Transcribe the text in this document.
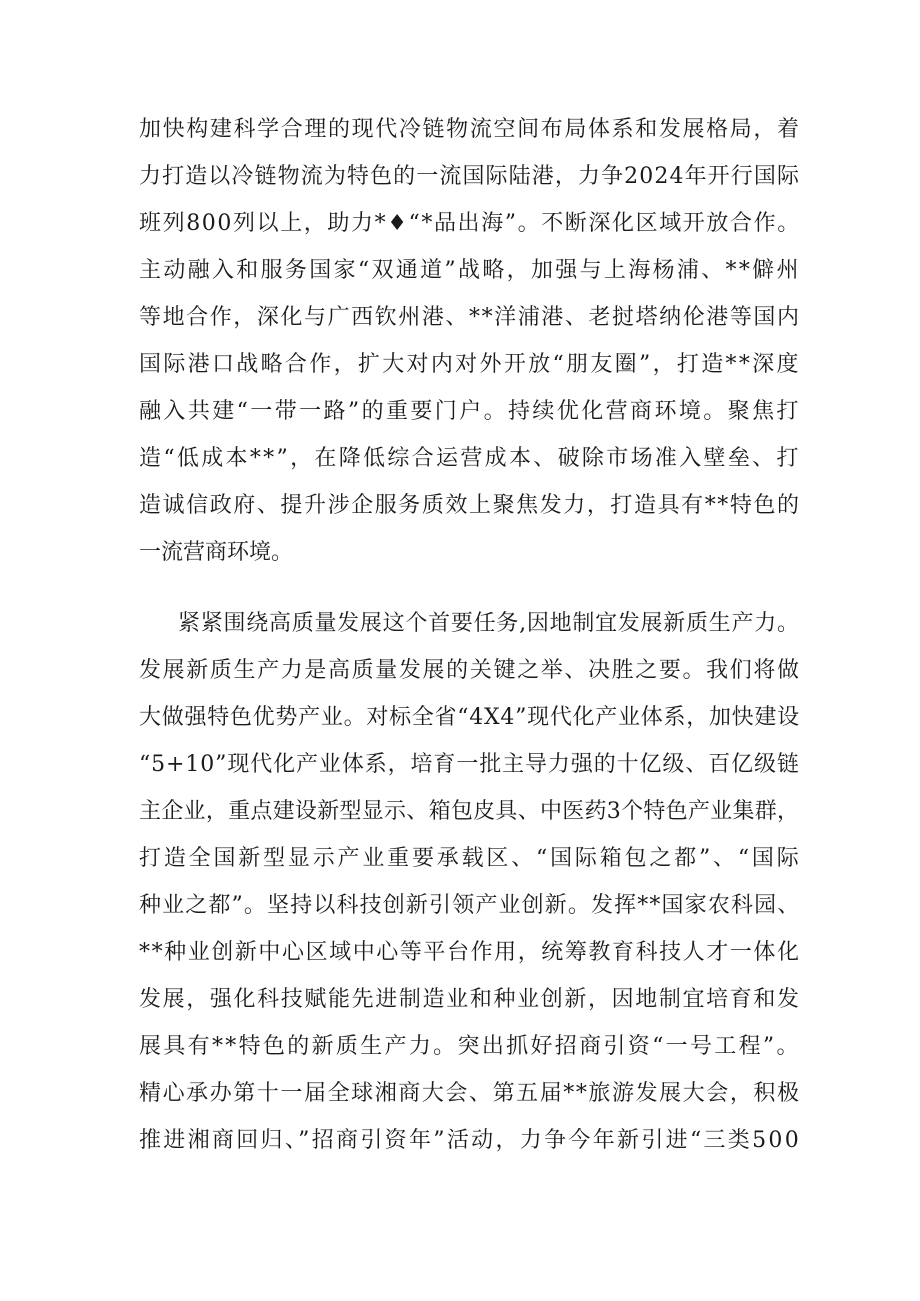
加快构建科学合理的现代冷链物流空间布局体系和发展格局，着
力打造以冷链物流为特色的一流国际陆港，力争2024年开行国际
班列800列以上，助力*♦“*品出海”。不断深化区域开放合作。
主动融入和服务国家“双通道”战略，加强与上海杨浦、**僻州
等地合作，深化与广西钦州港、**洋浦港、老挝塔纳伦港等国内
国际港口战略合作，扩大对内对外开放“朋友圈”，打造**深度
融入共建“一带一路”的重要门户。持续优化营商环境。聚焦打
造“低成本**”，在降低综合运营成本、破除市场准入壁垒、打
造诚信政府、提升涉企服务质效上聚焦发力，打造具有**特色的
一流营商环境。
紧紧围绕高质量发展这个首要任务,因地制宜发展新质生产力。
发展新质生产力是高质量发展的关键之举、决胜之要。我们将做
大做强特色优势产业。对标全省“4X4”现代化产业体系，加快建设
“5+10”现代化产业体系，培育一批主导力强的十亿级、百亿级链
主企业，重点建设新型显示、箱包皮具、中医药3个特色产业集群，
打造全国新型显示产业重要承载区、“国际箱包之都”、“国际
种业之都”。坚持以科技创新引领产业创新。发挥**国家农科园、
**种业创新中心区域中心等平台作用，统筹教育科技人才一体化
发展，强化科技赋能先进制造业和种业创新，因地制宜培育和发
展具有**特色的新质生产力。突出抓好招商引资“一号工程”。
精心承办第十一届全球湘商大会、第五届**旅游发展大会，积极
推进湘商回归、”招商引资年”活动，力争今年新引进“三类500
